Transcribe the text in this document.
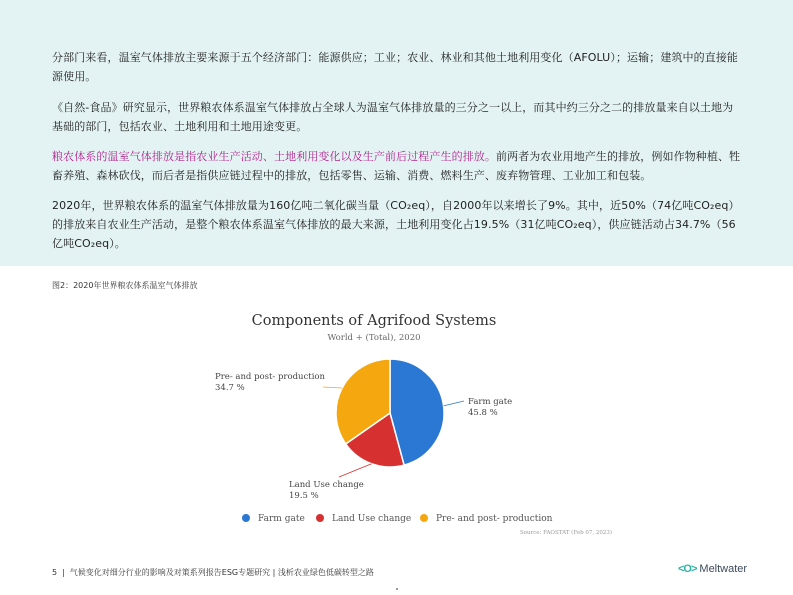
分部门来看，温室气体排放主要来源于五个经济部门：能源供应；工业；农业、林业和其他土地利用变化（AFOLU）；运输；建筑中的直接能源使用。

《自然-食品》研究显示，世界粮农体系温室气体排放占全球人为温室气体排放量的三分之一以上，而其中约三分之二的排放量来自以土地为基础的部门，包括农业、土地利用和土地用途变更。

粮农体系的温室气体排放是指农业生产活动、土地利用变化以及生产前后过程产生的排放。前两者为农业用地产生的排放，例如作物种植、牲畜养殖、森林砍伐，而后者是指供应链过程中的排放，包括零售、运输、消费、燃料生产、废弃物管理、工业加工和包装。

2020年，世界粮农体系的温室气体排放量为160亿吨二氧化碳当量（CO₂eq），自2000年以来增长了9%。其中，近50%（74亿吨CO₂eq）的排放来自农业生产活动，是整个粮农体系温室气体排放的最大来源，土地利用变化占19.5%（31亿吨CO₂eq），供应链活动占34.7%（56亿吨CO₂eq）。

图2：2020年世界粮农体系温室气体排放
Components of Agrifood Systems
World + (Total), 2020
Farm gate
45.8 %
Land Use change
19.5 %
Pre- and post- production
34.7 %
Farm gate	Land Use change	Pre- and post- production
Source: FAOSTAT (Feb 07, 2023)
5 | 气候变化对细分行业的影响及对策系列报告ESG专题研究 | 浅析农业绿色低碳转型之路	<O> Meltwater
